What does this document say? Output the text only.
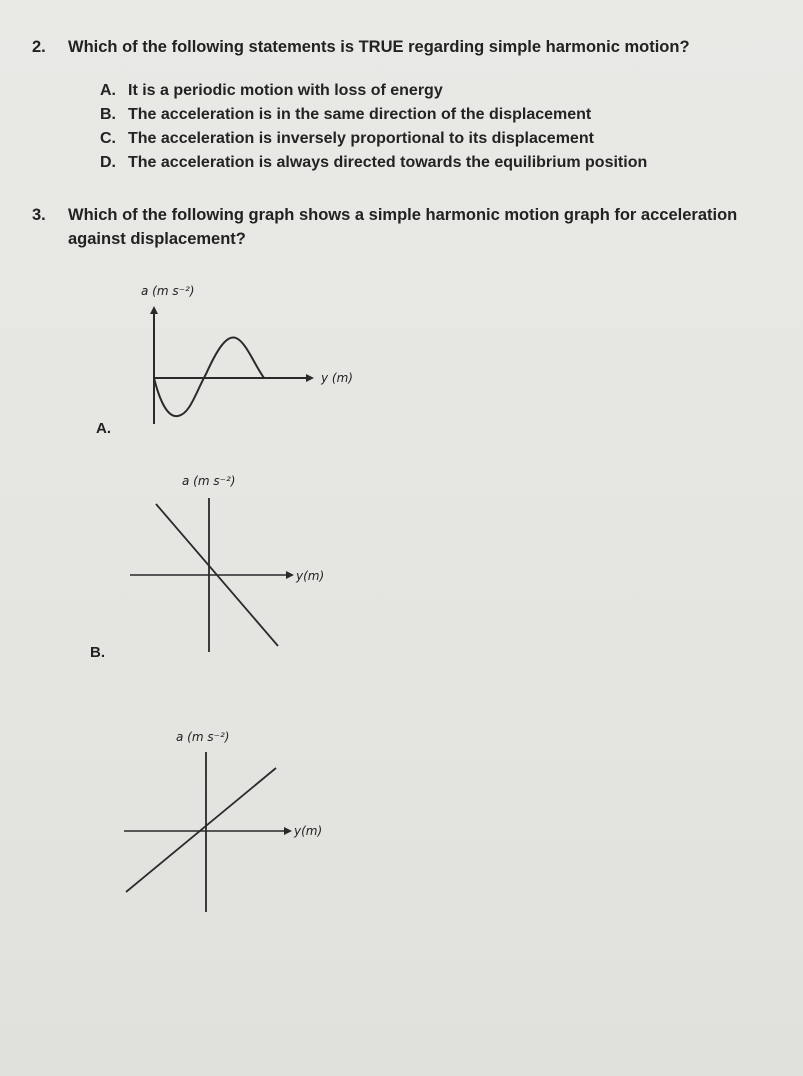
2. Which of the following statements is TRUE regarding simple harmonic motion?
A. It is a periodic motion with loss of energy
B. The acceleration is in the same direction of the displacement
C. The acceleration is inversely proportional to its displacement
D. The acceleration is always directed towards the equilibrium position
3. Which of the following graph shows a simple harmonic motion graph for acceleration
against displacement?
a (m s⁻²)
y (m)
A.
a (m s⁻²)
y(m)
B.
a (m s⁻²)
y(m)
